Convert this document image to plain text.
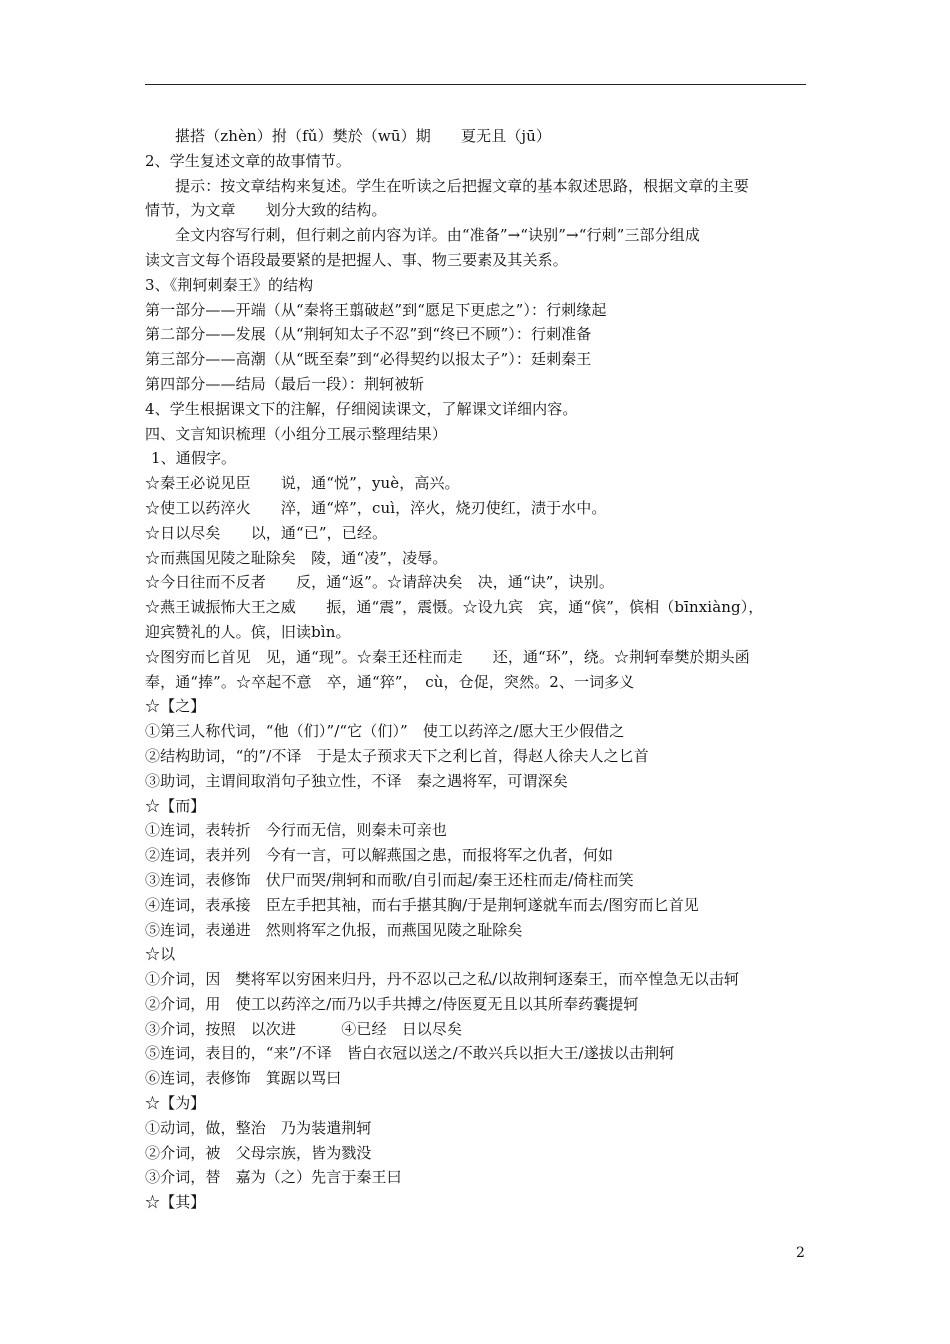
揕搭（zhèn）拊（fǔ）樊於（wū）期　　夏无且（jū）
2、学生复述文章的故事情节。
提示：按文章结构来复述。学生在听读之后把握文章的基本叙述思路，根据文章的主要
情节，为文章　　划分大致的结构。
全文内容写行刺，但行刺之前内容为详。由“准备”→“诀别”→“行刺”三部分组成
读文言文每个语段最要紧的是把握人、事、物三要素及其关系。
3、《荆轲刺秦王》的结构
第一部分——开端（从“秦将王翦破赵”到“愿足下更虑之”）：行刺缘起
第二部分——发展（从“荆轲知太子不忍”到“终已不顾”）：行刺准备
第三部分——高潮（从“既至秦”到“必得契约以报太子”）：廷刺秦王
第四部分——结局（最后一段）：荆轲被斩
4、学生根据课文下的注解，仔细阅读课文，了解课文详细内容。
四、文言知识梳理（小组分工展示整理结果）
1、通假字。
☆秦王必说见臣　　说，通“悦”，yuè，高兴。
☆使工以药淬火　　淬，通“焠”，cuì，淬火，烧刃使红，渍于水中。
☆日以尽矣　　以，通“已”，已经。
☆而燕国见陵之耻除矣　陵，通“凌”，凌辱。
☆今日往而不反者　　反，通“返”。☆请辞决矣　决，通“诀”，诀别。
☆燕王诚振怖大王之威　　振，通“震”，震慑。☆设九宾　宾，通“傧”，傧相（bīnxiàng），
迎宾赞礼的人。傧，旧读bìn。
☆图穷而匕首见　见，通“现”。☆秦王还柱而走　　还，通“环”，绕。☆荆轲奉樊於期头函
奉，通“捧”。☆卒起不意　卒，通“猝”，　cù，仓促，突然。2、一词多义
☆【之】
①第三人称代词，“他（们）”/“它（们）”　使工以药淬之/愿大王少假借之
②结构助词，“的”/不译　于是太子预求天下之利匕首，得赵人徐夫人之匕首
③助词，主谓间取消句子独立性，不译　秦之遇将军，可谓深矣
☆【而】
①连词，表转折　今行而无信，则秦未可亲也
②连词，表并列　今有一言，可以解燕国之患，而报将军之仇者，何如
③连词，表修饰　伏尸而哭/荆轲和而歌/自引而起/秦王还柱而走/倚柱而笑
④连词，表承接　臣左手把其袖，而右手揕其胸/于是荆轲遂就车而去/图穷而匕首见
⑤连词，表递进　然则将军之仇报，而燕国见陵之耻除矣
☆以
①介词，因　樊将军以穷困来归丹，丹不忍以己之私/以故荆轲逐秦王，而卒惶急无以击轲
②介词，用　使工以药淬之/而乃以手共搏之/侍医夏无且以其所奉药囊提轲
③介词，按照　以次进　　　④已经　日以尽矣
⑤连词，表目的，“来”/不译　皆白衣冠以送之/不敢兴兵以拒大王/遂拔以击荆轲
⑥连词，表修饰　箕踞以骂曰
☆【为】
①动词，做，整治　乃为装遣荆轲
②介词，被　父母宗族，皆为戮没
③介词，替　嘉为（之）先言于秦王曰
☆【其】
2
